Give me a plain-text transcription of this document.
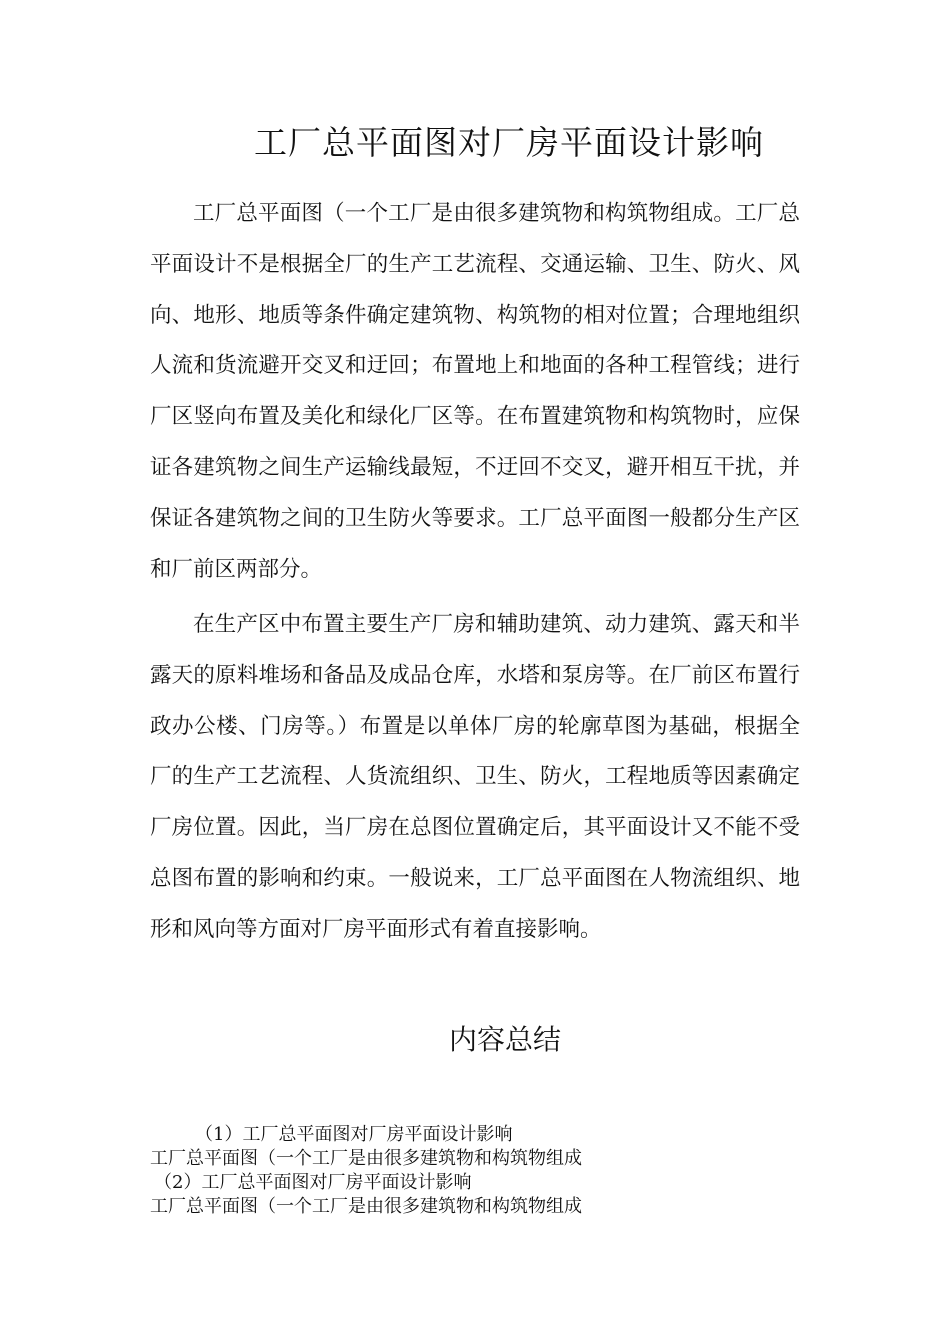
工厂总平面图对厂房平面设计影响

工厂总平面图（一个工厂是由很多建筑物和构筑物组成。工厂总平面设计不是根据全厂的生产工艺流程、交通运输、卫生、防火、风向、地形、地质等条件确定建筑物、构筑物的相对位置；合理地组织人流和货流避开交叉和迂回；布置地上和地面的各种工程管线；进行厂区竖向布置及美化和绿化厂区等。在布置建筑物和构筑物时，应保证各建筑物之间生产运输线最短，不迂回不交叉，避开相互干扰，并保证各建筑物之间的卫生防火等要求。工厂总平面图一般都分生产区和厂前区两部分。

在生产区中布置主要生产厂房和辅助建筑、动力建筑、露天和半露天的原料堆场和备品及成品仓库，水塔和泵房等。在厂前区布置行政办公楼、门房等。）布置是以单体厂房的轮廓草图为基础，根据全厂的生产工艺流程、人货流组织、卫生、防火，工程地质等因素确定厂房位置。因此，当厂房在总图位置确定后，其平面设计又不能不受总图布置的影响和约束。一般说来，工厂总平面图在人物流组织、地形和风向等方面对厂房平面形式有着直接影响。

内容总结
（1）工厂总平面图对厂房平面设计影响
工厂总平面图（一个工厂是由很多建筑物和构筑物组成
（2）工厂总平面图对厂房平面设计影响
工厂总平面图（一个工厂是由很多建筑物和构筑物组成
